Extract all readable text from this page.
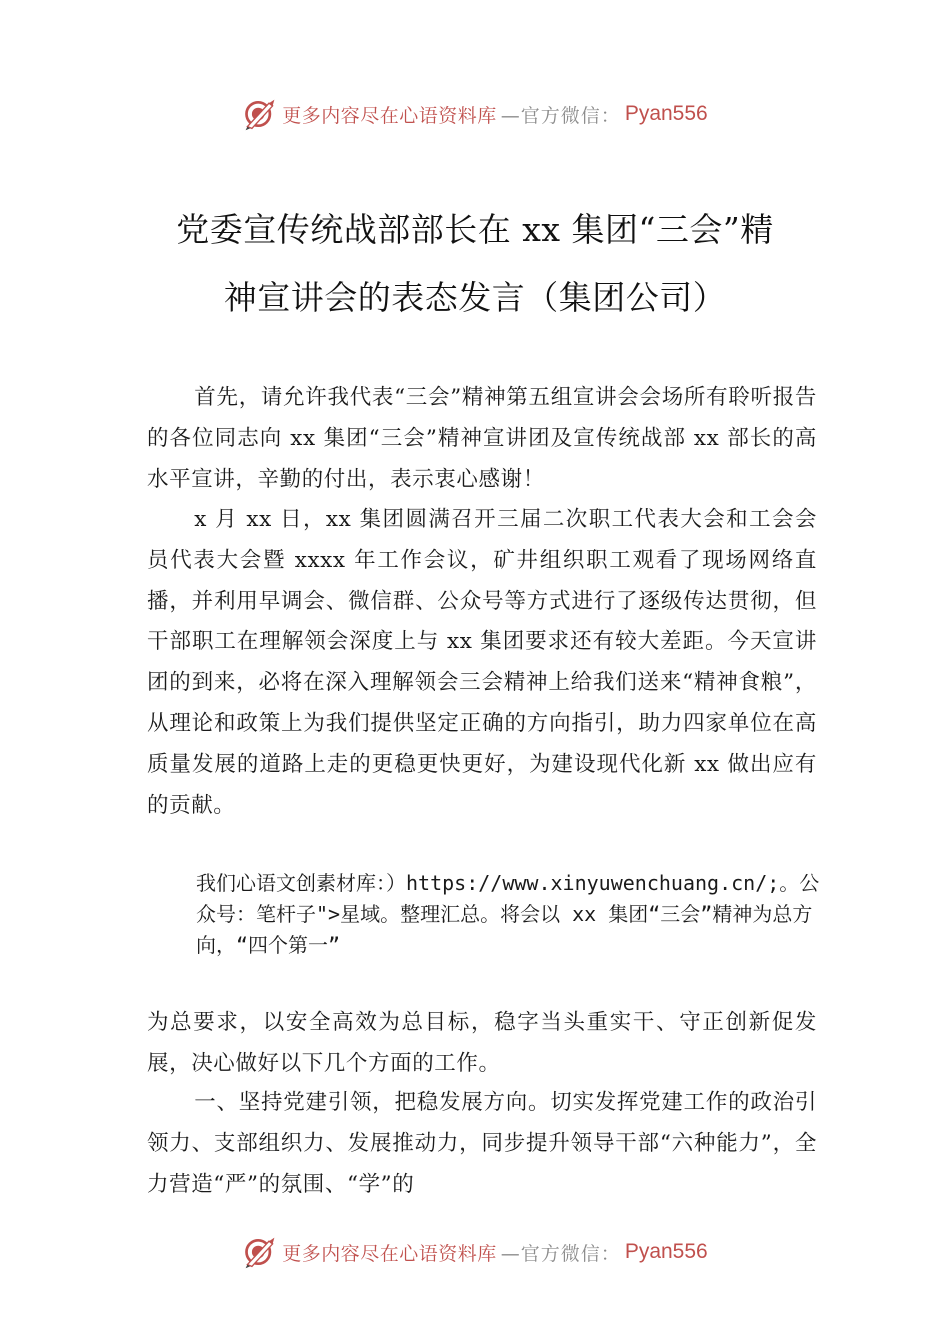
更多内容尽在心语资料库 —官方微信： Pyan556
党委宣传统战部部长在 xx 集团“三会”精
神宣讲会的表态发言（集团公司）

首先，请允许我代表“三会”精神第五组宣讲会会场所有聆听报告的各位同志向 xx 集团“三会”精神宣讲团及宣传统战部 xx 部长的高水平宣讲，辛勤的付出，表示衷心感谢！

x 月 xx 日，xx 集团圆满召开三届二次职工代表大会和工会会员代表大会暨 xxxx 年工作会议，矿井组织职工观看了现场网络直播，并利用早调会、微信群、公众号等方式进行了逐级传达贯彻，但干部职工在理解领会深度上与 xx 集团要求还有较大差距。今天宣讲团的到来，必将在深入理解领会三会精神上给我们送来“精神食粮”，从理论和政策上为我们提供坚定正确的方向指引，助力四家单位在高质量发展的道路上走的更稳更快更好，为建设现代化新 xx 做出应有的贡献。

我们心语文创素材库：）https://www.xinyuwenchuang.cn/;。公众号：笔杆子">星域。整理汇总。将会以 xx 集团“三会”精神为总方向，“四个第一”

为总要求，以安全高效为总目标，稳字当头重实干、守正创新促发展，决心做好以下几个方面的工作。

一、坚持党建引领，把稳发展方向。切实发挥党建工作的政治引领力、支部组织力、发展推动力，同步提升领导干部“六种能力”，全力营造“严”的氛围、“学”的

更多内容尽在心语资料库 —官方微信： Pyan556
